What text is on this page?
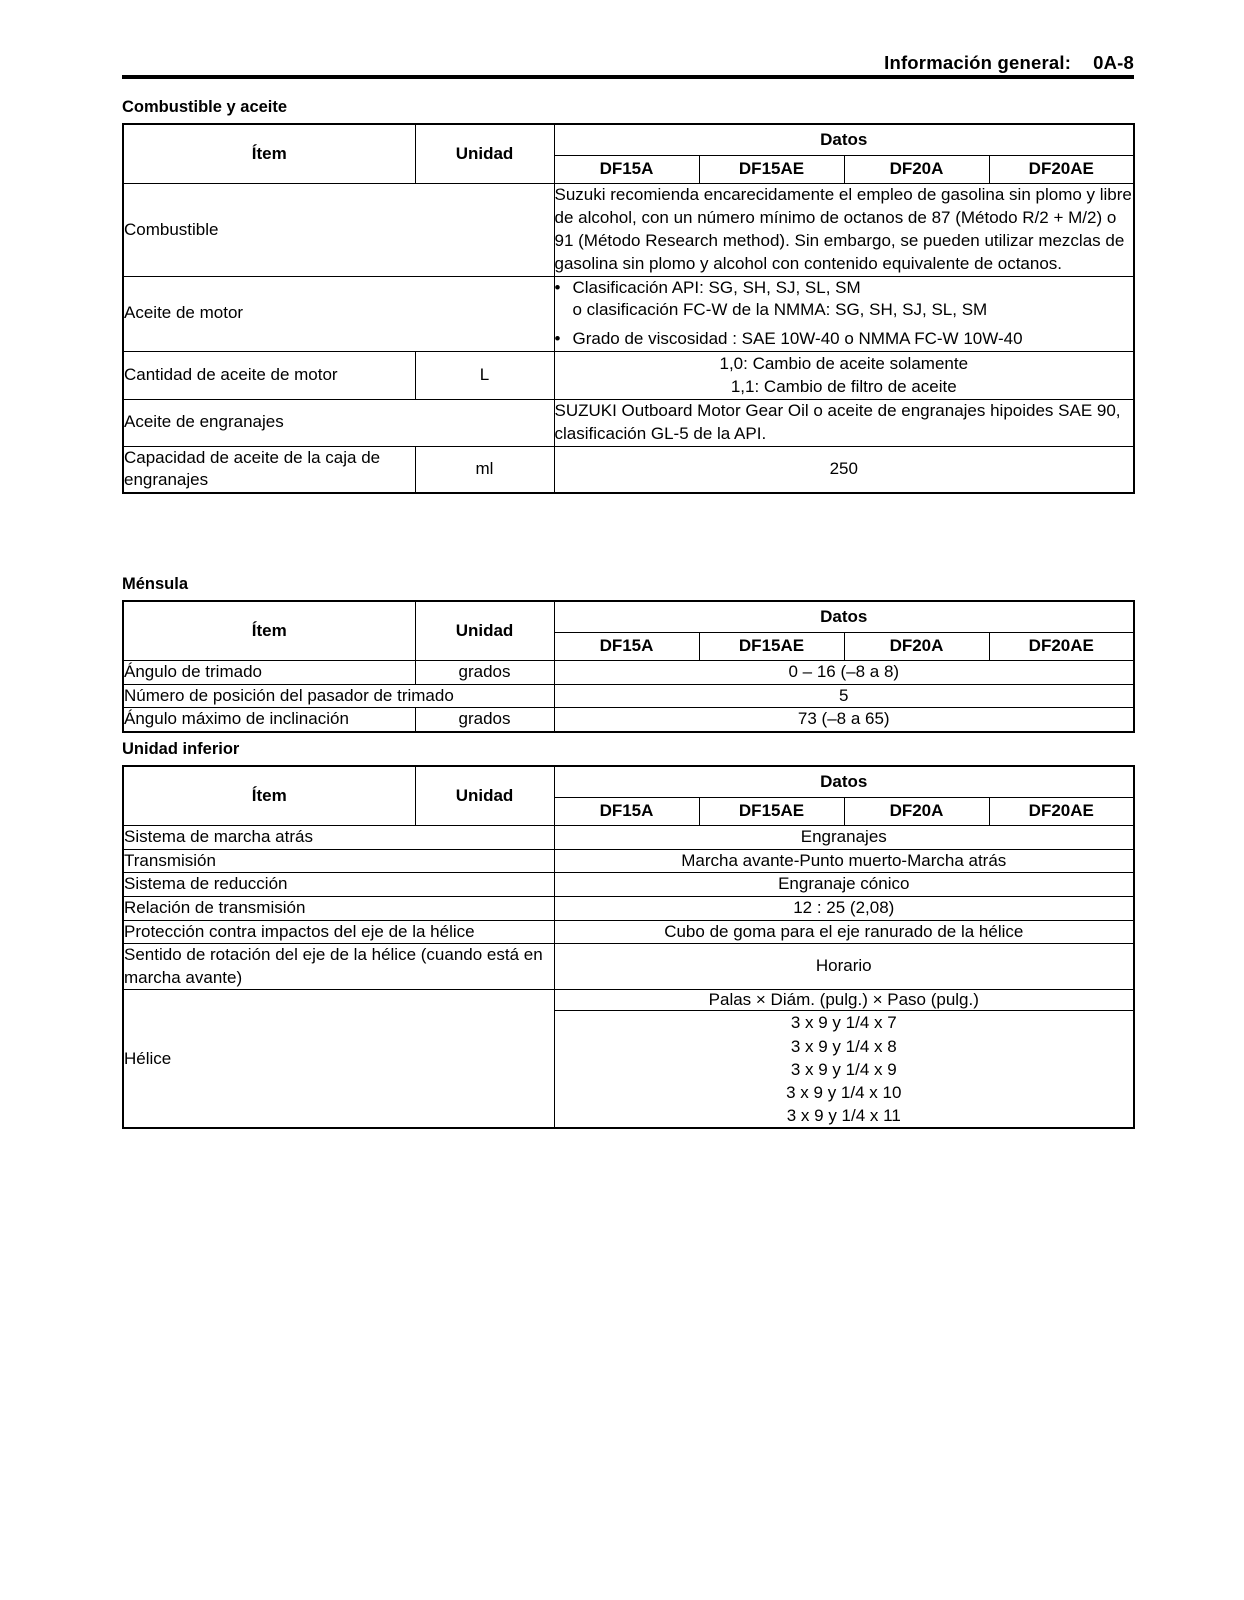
Información general: 0A-8
Combustible y aceite
Ítem	Unidad	Datos			
		DF15A	DF15AE	DF20A	DF20AE
Combustible		Suzuki recomienda encarecidamente el empleo de gasolina sin plomo y libre de alcohol, con un número mínimo de octanos de 87 (Método R/2 + M/2) o 91 (Método Research method). Sin embargo, se pueden utilizar mezclas de gasolina sin plomo y alcohol con contenido equivalente de octanos.			
Aceite de motor		• Clasificación API: SG, SH, SJ, SL, SM
o clasificación FC-W de la NMMA: SG, SH, SJ, SL, SM
• Grado de viscosidad : SAE 10W-40 o NMMA FC-W 10W-40			

Cantidad de aceite de motor	L	1,0: Cambio de aceite solamente
1,1: Cambio de filtro de aceite			

Aceite de engranajes		SUZUKI Outboard Motor Gear Oil o aceite de engranajes hipoides SAE 90, clasificación GL-5 de la API.			
Capacidad de aceite de la caja de engranajes	ml	250			
Ménsula
Ítem	Unidad	Datos			
		DF15A	DF15AE	DF20A	DF20AE
Ángulo de trimado	grados	0 – 16 (–8 a 8)			
Número de posición del pasador de trimado		5			
Ángulo máximo de inclinación	grados	73 (–8 a 65)			
Unidad inferior
Ítem	Unidad	Datos			
		DF15A	DF15AE	DF20A	DF20AE
Sistema de marcha atrás		Engranajes			
Transmisión		Marcha avante-Punto muerto-Marcha atrás			
Sistema de reducción		Engranaje cónico			
Relación de transmisión		12 : 25 (2,08)			
Protección contra impactos del eje de la hélice		Cubo de goma para el eje ranurado de la hélice			
Sentido de rotación del eje de la hélice (cuando está en marcha avante)		Horario			
Hélice		Palas × Diám. (pulg.) × Paso (pulg.)			

		3 x 9 y 1/4 x 7
3 x 9 y 1/4 x 8
3 x 9 y 1/4 x 9
3 x 9 y 1/4 x 10
3 x 9 y 1/4 x 11			
